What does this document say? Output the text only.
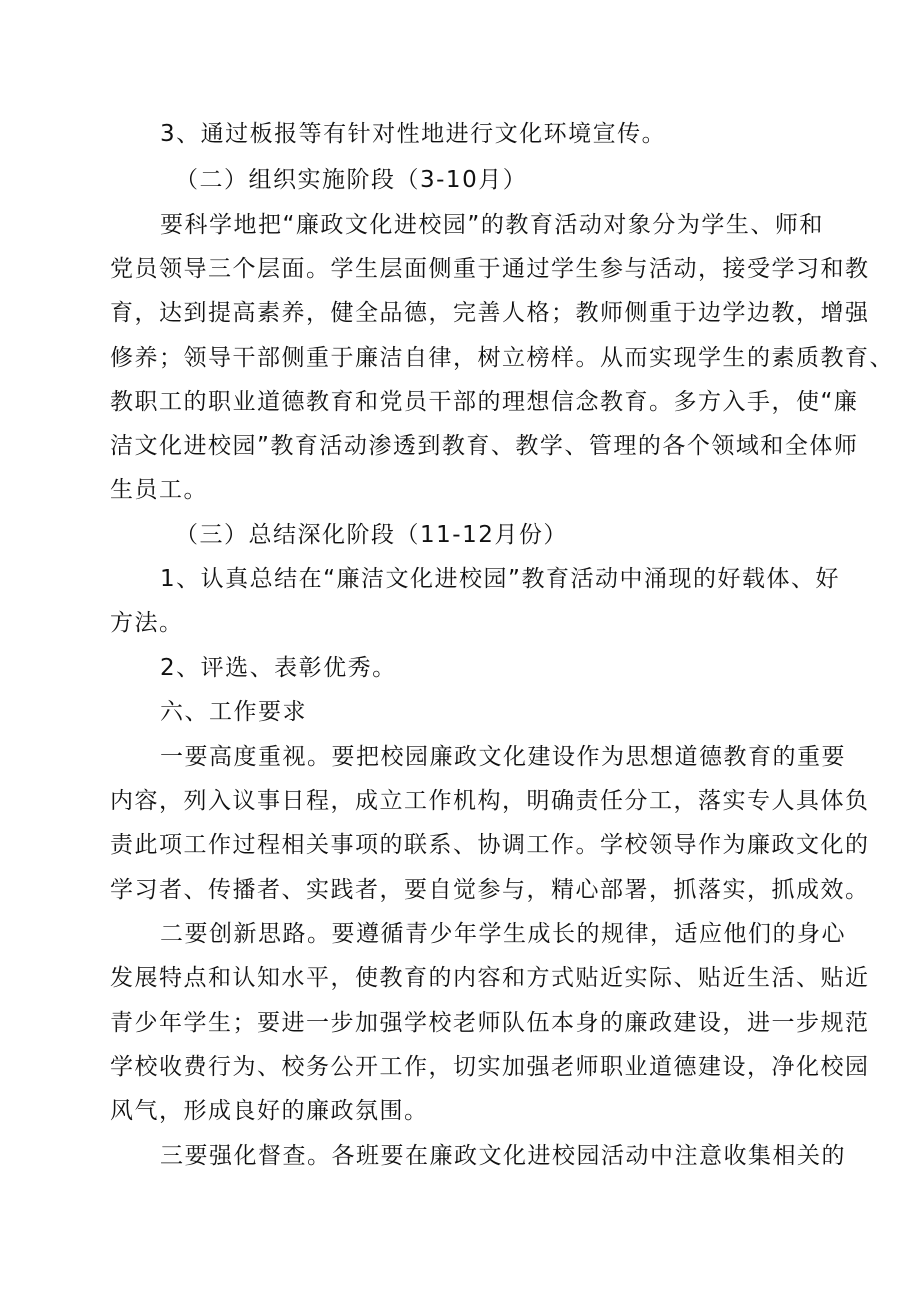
3、通过板报等有针对性地进行文化环境宣传。
（二）组织实施阶段（3-10月）
要科学地把“廉政文化进校园”的教育活动对象分为学生、师和
党员领导三个层面。学生层面侧重于通过学生参与活动，接受学习和教
育，达到提高素养，健全品德，完善人格；教师侧重于边学边教，增强
修养；领导干部侧重于廉洁自律，树立榜样。从而实现学生的素质教育、
教职工的职业道德教育和党员干部的理想信念教育。多方入手，使“廉
洁文化进校园”教育活动渗透到教育、教学、管理的各个领域和全体师
生员工。
（三）总结深化阶段（11-12月份）
1、认真总结在“廉洁文化进校园”教育活动中涌现的好载体、好
方法。
2、评选、表彰优秀。
六、工作要求
一要高度重视。要把校园廉政文化建设作为思想道德教育的重要
内容，列入议事日程，成立工作机构，明确责任分工，落实专人具体负
责此项工作过程相关事项的联系、协调工作。学校领导作为廉政文化的
学习者、传播者、实践者，要自觉参与，精心部署，抓落实，抓成效。
二要创新思路。要遵循青少年学生成长的规律，适应他们的身心
发展特点和认知水平，使教育的内容和方式贴近实际、贴近生活、贴近
青少年学生；要进一步加强学校老师队伍本身的廉政建设，进一步规范
学校收费行为、校务公开工作，切实加强老师职业道德建设，净化校园
风气，形成良好的廉政氛围。
三要强化督查。各班要在廉政文化进校园活动中注意收集相关的
